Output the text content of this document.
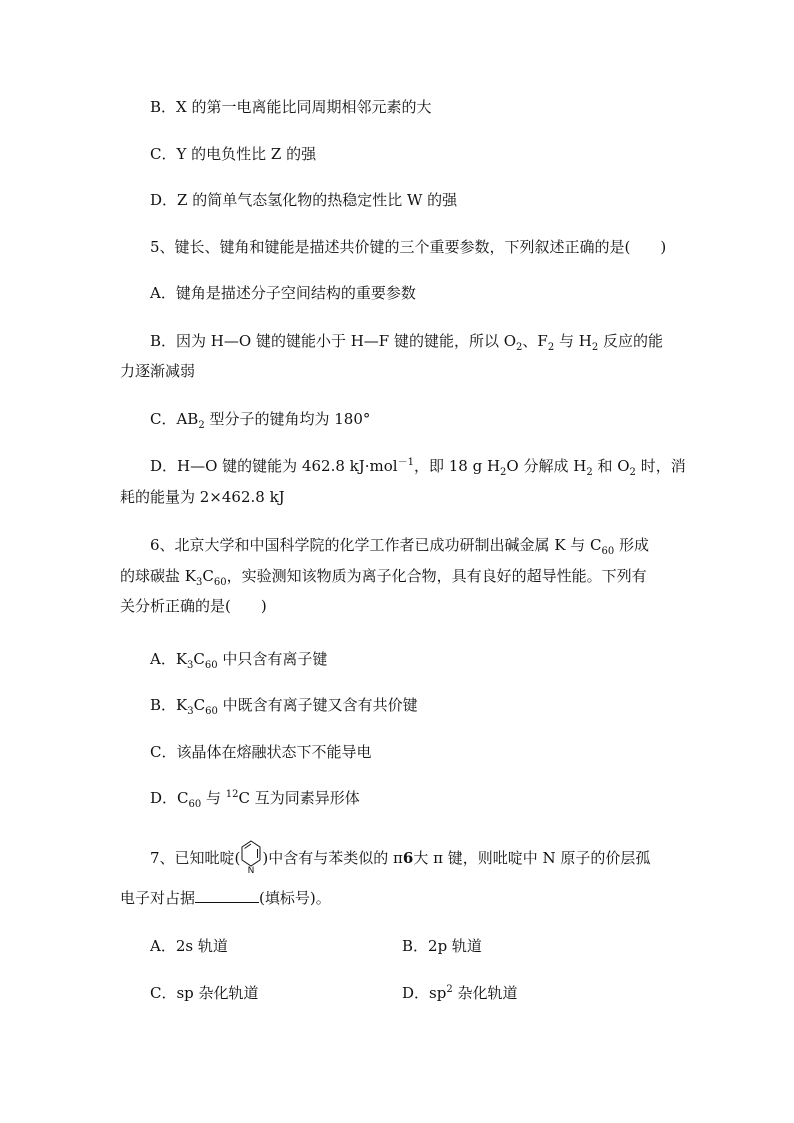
B．X 的第一电离能比同周期相邻元素的大
C．Y 的电负性比 Z 的强
D．Z 的简单气态氢化物的热稳定性比 W 的强
5、键长、键角和键能是描述共价键的三个重要参数，下列叙述正确的是(　　)
A．键角是描述分子空间结构的重要参数
B．因为 H—O 键的键能小于 H—F 键的键能，所以 $O_2$、$F_2$ 与 $H_2$ 反应的能
力逐渐减弱
C．$AB_2$ 型分子的键角均为 180°
D．H—O 键的键能为 462.8 kJ·mol$^{-1}$，即 18 g $H_2O$ 分解成 $H_2$ 和 $O_2$ 时，消
耗的能量为 2×462.8 kJ
6、北京大学和中国科学院的化学工作者已成功研制出碱金属 K 与 $C_{60}$ 形成
的球碳盐 $K_3C_{60}$，实验测知该物质为离子化合物，具有良好的超导性能。下列有
关分析正确的是(　　)
A．$K_3C_{60}$ 中只含有离子键
B．$K_3C_{60}$ 中既含有离子键又含有共价键
C．该晶体在熔融状态下不能导电
D．$C_{60}$ 与 $^{12}$C 互为同素异形体
7、已知吡啶(
N
)中含有与苯类似的 π6大 π 键，则吡啶中 N 原子的价层孤
电子对占据	(填标号)。
A．2s 轨道	B．2p 轨道
C．sp 杂化轨道	D．$sp^2$ 杂化轨道
